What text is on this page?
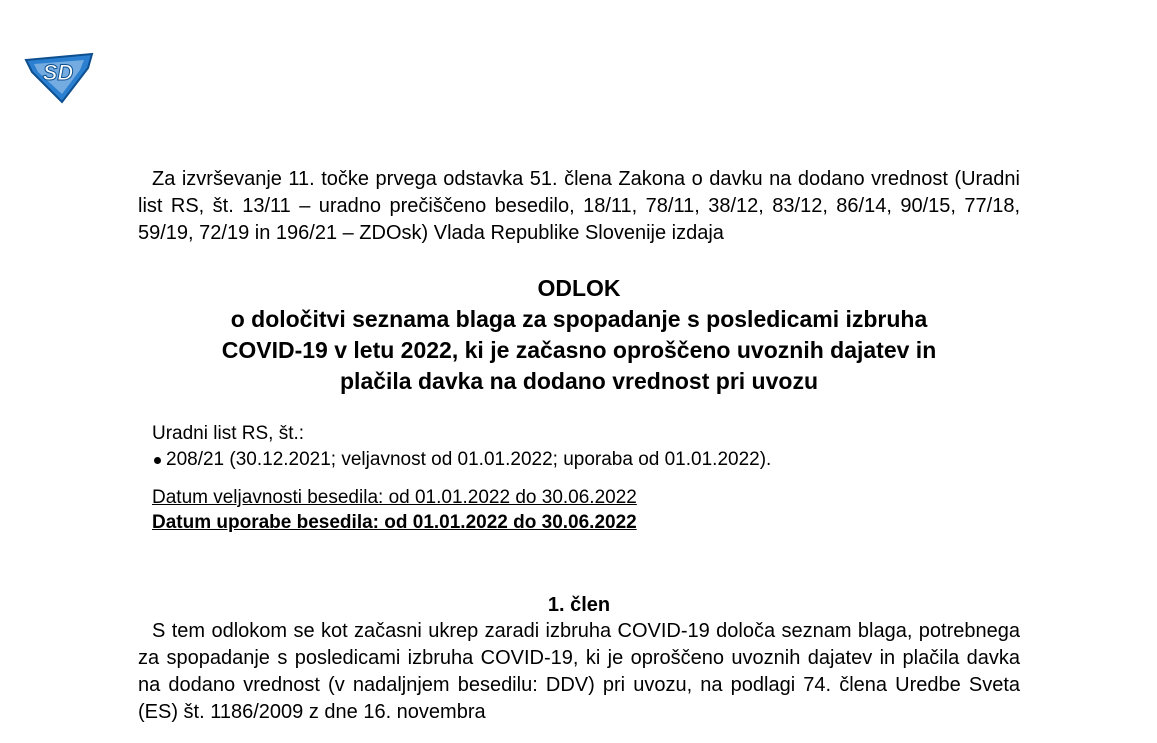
SD

Za izvrševanje 11. točke prvega odstavka 51. člena Zakona o davku na dodano vrednost (Uradni list RS, št. 13/11 – uradno prečiščeno besedilo, 18/11, 78/11, 38/12, 83/12, 86/14, 90/15, 77/18, 59/19, 72/19 in 196/21 – ZDOsk) Vlada Republike Slovenije izdaja

ODLOK
o določitvi seznama blaga za spopadanje s posledicami izbruha
COVID-19 v letu 2022, ki je začasno oproščeno uvoznih dajatev in
plačila davka na dodano vrednost pri uvozu
Uradni list RS, št.:
208/21 (30.12.2021; veljavnost od 01.01.2022; uporaba od 01.01.2022).
Datum veljavnosti besedila: od 01.01.2022 do 30.06.2022
Datum uporabe besedila: od 01.01.2022 do 30.06.2022
1. člen

S tem odlokom se kot začasni ukrep zaradi izbruha COVID-19 določa seznam blaga, potrebnega za spopadanje s posledicami izbruha COVID-19, ki je oproščeno uvoznih dajatev in plačila davka na dodano vrednost (v nadaljnjem besedilu: DDV) pri uvozu, na podlagi 74. člena Uredbe Sveta (ES) št. 1186/2009 z dne 16. novembra
